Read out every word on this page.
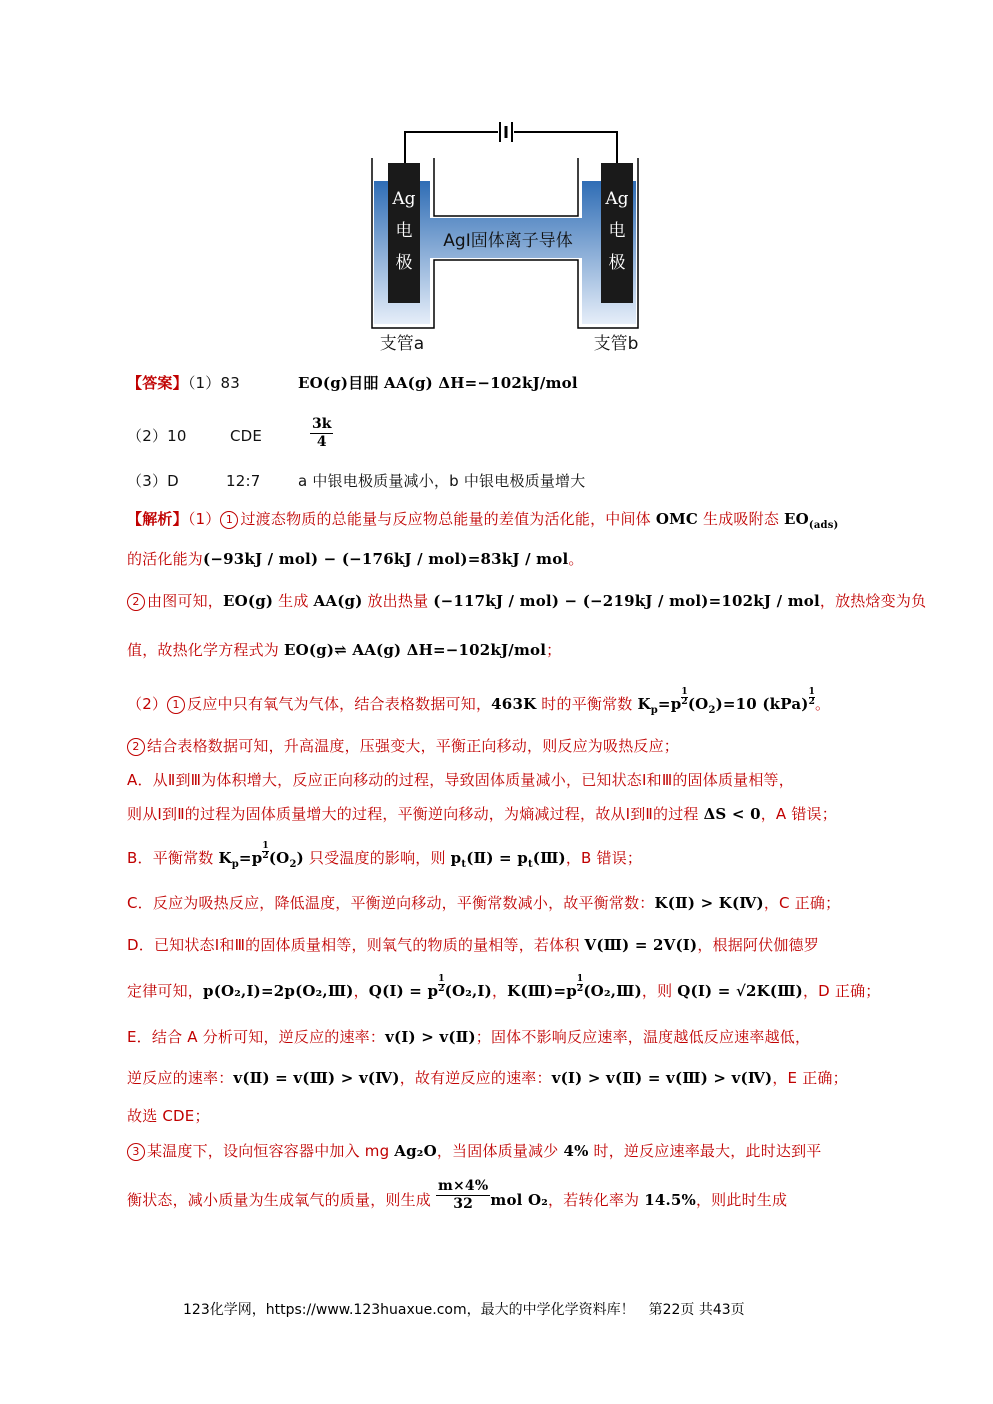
Ag
电
极
Ag
电
极
AgI固体离子导体
支管a	支管b
【答案】（1）83	EO(g)目昍 AA(g) ΔH=−102kJ/mol
（2）10	CDE	$\frac{3k}{4}$
（3）D	12:7	a 中银电极质量减小，b 中银电极质量增大
【解析】（1） 1 过渡态物质的总能量与反应物总能量的差值为活化能，中间体 OMC 生成吸附态 $EO_{(ads)}$
的活化能为(−93kJ / mol) − (−176kJ / mol)=83kJ / mol。
2 由图可知，EO(g) 生成 AA(g) 放出热量 (−117kJ / mol) − (−219kJ / mol)=102kJ / mol，放热焓变为负
值，故热化学方程式为 EO(g)⇌ AA(g) ΔH=−102kJ/mol；
（2） 1 反应中只有氧气为气体，结合表格数据可知，463K 时的平衡常数 $K_p=p \frac{1}{2} (O_2)=10$ $(kPa) \frac{1}{2}$ 。
2 结合表格数据可知，升高温度，压强变大，平衡正向移动，则反应为吸热反应；
A．从Ⅱ到Ⅲ为体积增大，反应正向移动的过程，导致固体质量减小，已知状态Ⅰ和Ⅲ的固体质量相等，
则从Ⅰ到Ⅱ的过程为固体质量增大的过程，平衡逆向移动，为熵减过程，故从Ⅰ到Ⅱ的过程 ΔS < 0，A 错误；
B．平衡常数 $K_p=p \frac{1}{2} (O_2)$ 只受温度的影响，则 $p_t(Ⅱ)$ = $p_t(Ⅲ)$，B 错误；
C．反应为吸热反应，降低温度，平衡逆向移动，平衡常数减小，故平衡常数：K(Ⅱ) > K(Ⅳ)，C 正确；
D．已知状态Ⅰ和Ⅲ的固体质量相等，则氧气的物质的量相等，若体积 V(Ⅲ) = 2V(Ⅰ)，根据阿伏伽德罗
定律可知，p(O₂,Ⅰ)=2p(O₂,Ⅲ)，Q(Ⅰ) = p $\frac{1}{2}$ (O₂,Ⅰ)，K(Ⅲ)=p $\frac{1}{2}$ (O₂,Ⅲ)，则 Q(Ⅰ) = √2K(Ⅲ)，D 正确；
E．结合 A 分析可知，逆反应的速率：v(Ⅰ) > v(Ⅱ)；固体不影响反应速率，温度越低反应速率越低，
逆反应的速率：v(Ⅱ) = v(Ⅲ) > v(Ⅳ)，故有逆反应的速率：v(Ⅰ) > v(Ⅱ) = v(Ⅲ) > v(Ⅳ)，E 正确；
故选 CDE；
3 某温度下，设向恒容容器中加入 mg Ag₂O，当固体质量减少 4% 时，逆反应速率最大，此时达到平
衡状态，减小质量为生成氧气的质量，则生成 $\frac{m\times 4\%}{32}$ mol O₂，若转化率为 14.5%，则此时生成
123化学网，https://www.123huaxue.com，最大的中学化学资料库！　第22页 共43页
